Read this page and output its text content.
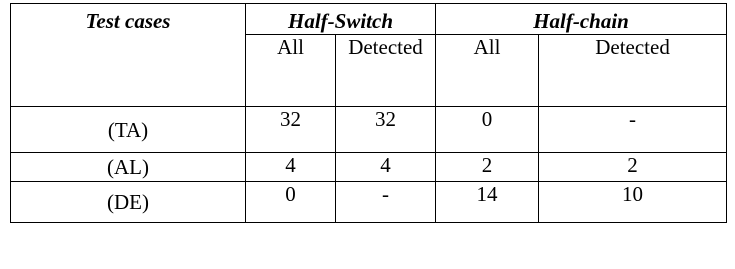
Test cases	Half-Switch		Half-chain	
	All	Detected	All	Detected
(TA)	32	32	0	-
(AL)	4	4	2	2
(DE)	0	-	14	10
